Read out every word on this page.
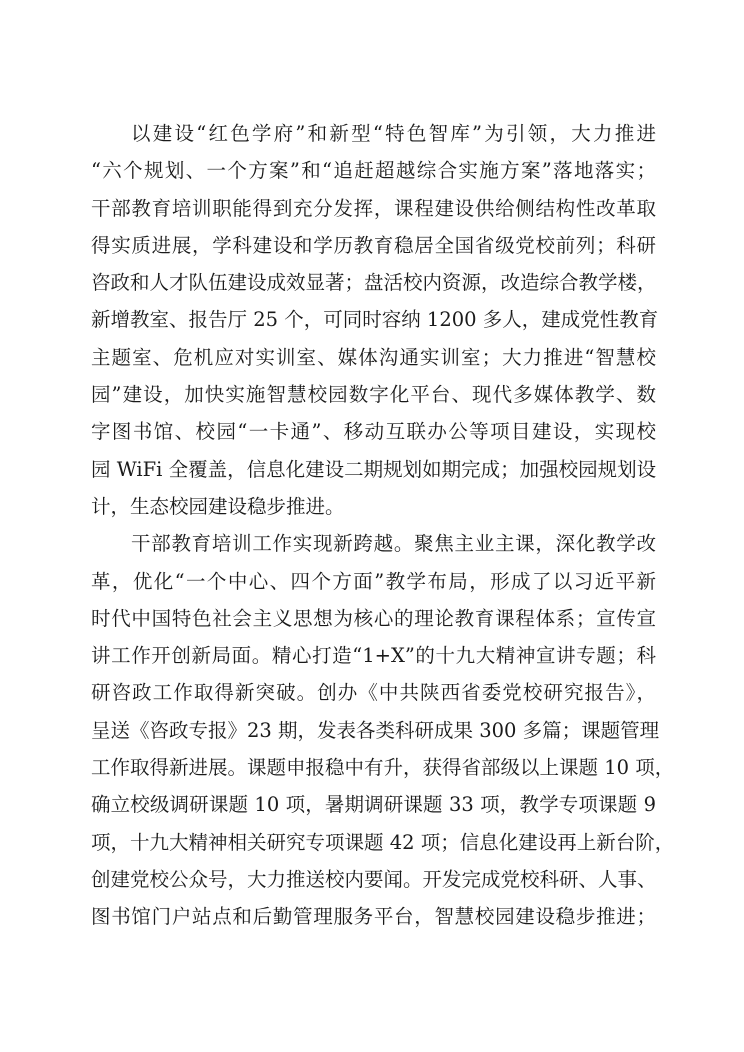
以建设“红色学府”和新型“特色智库”为引领，大力推进
“六个规划、一个方案”和“追赶超越综合实施方案”落地落实；
干部教育培训职能得到充分发挥，课程建设供给侧结构性改革取
得实质进展，学科建设和学历教育稳居全国省级党校前列；科研
咨政和人才队伍建设成效显著；盘活校内资源，改造综合教学楼，
新增教室、报告厅 25 个，可同时容纳 1200 多人，建成党性教育
主题室、危机应对实训室、媒体沟通实训室；大力推进“智慧校
园”建设，加快实施智慧校园数字化平台、现代多媒体教学、数
字图书馆、校园“一卡通”、移动互联办公等项目建设，实现校
园 WiFi 全覆盖，信息化建设二期规划如期完成；加强校园规划设
计，生态校园建设稳步推进。
干部教育培训工作实现新跨越。聚焦主业主课，深化教学改
革，优化“一个中心、四个方面”教学布局，形成了以习近平新
时代中国特色社会主义思想为核心的理论教育课程体系；宣传宣
讲工作开创新局面。精心打造“1+X”的十九大精神宣讲专题；科
研咨政工作取得新突破。创办《中共陕西省委党校研究报告》，
呈送《咨政专报》23 期，发表各类科研成果 300 多篇；课题管理
工作取得新进展。课题申报稳中有升，获得省部级以上课题 10 项，
确立校级调研课题 10 项，暑期调研课题 33 项，教学专项课题 9
项，十九大精神相关研究专项课题 42 项；信息化建设再上新台阶，
创建党校公众号，大力推送校内要闻。开发完成党校科研、人事、
图书馆门户站点和后勤管理服务平台，智慧校园建设稳步推进；
